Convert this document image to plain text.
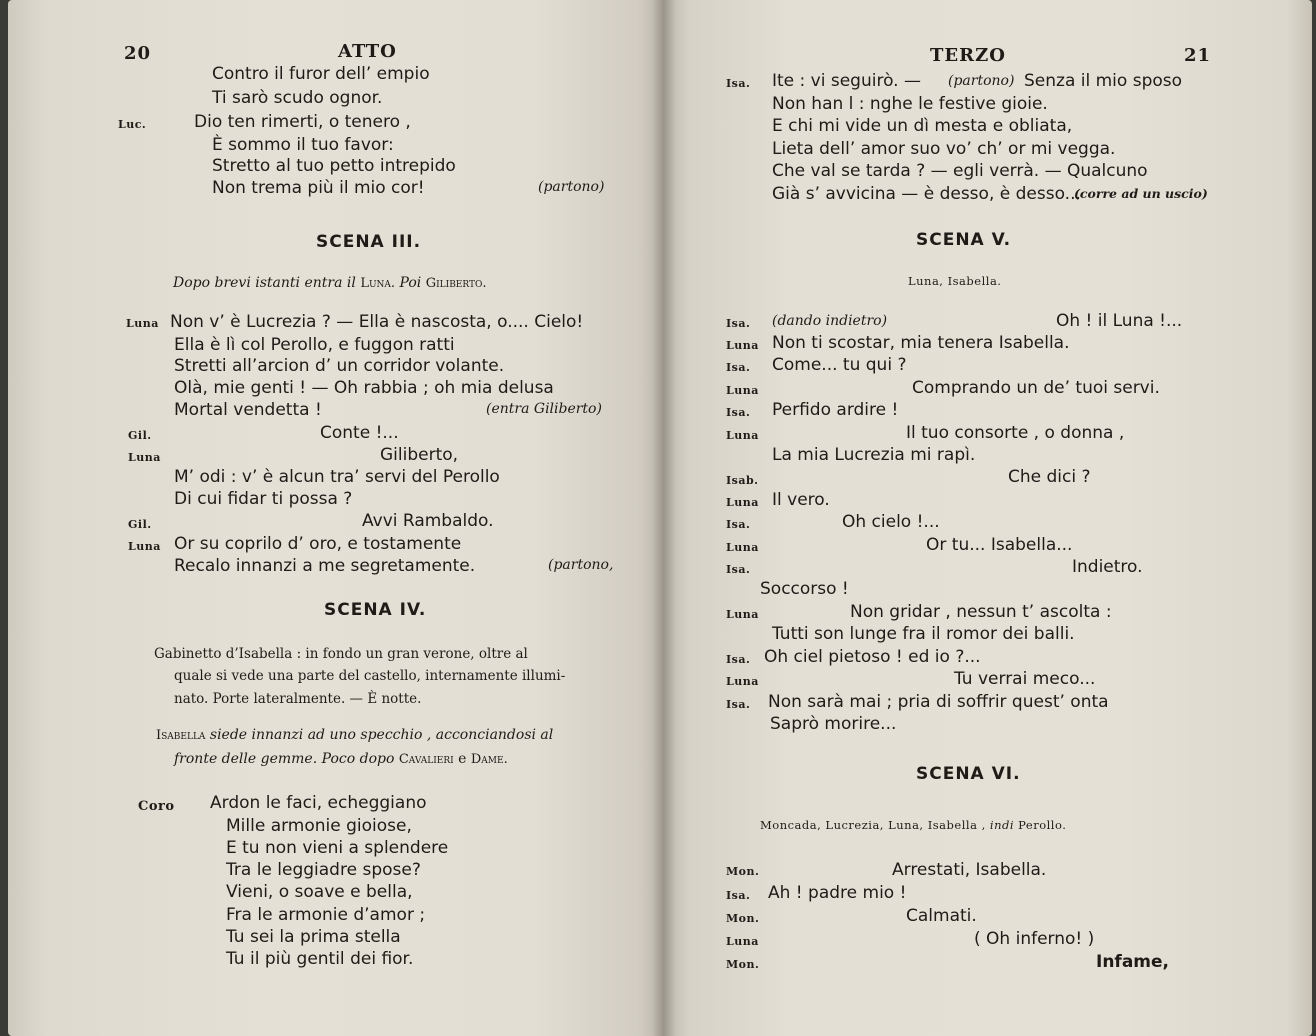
20	ATTO
Contro il furor dell’ empio
Ti sarò scudo ognor.
Luc.	Dio ten rimerti, o tenero ,
È sommo il tuo favor:
Stretto al tuo petto intrepido
Non trema più il mio cor!	(partono)
SCENA III.
Dopo brevi istanti entra il Luna. Poi Giliberto.
Luna Non v’ è Lucrezia ? — Ella è nascosta, o.... Cielo!
Ella è lì col Perollo, e fuggon ratti
Stretti all’arcion d’ un corridor volante.
Olà, mie genti ! — Oh rabbia ; oh mia delusa
Mortal vendetta !	(entra Giliberto)
Gil.	Conte !...
Luna	Giliberto,
M’ odi : v’ è alcun tra’ servi del Perollo
Di cui fidar ti possa ?
Gil.	Avvi Rambaldo.
Luna Or su coprilo d’ oro, e tostamente
Recalo innanzi a me segretamente.	(partono,
SCENA IV.
Gabinetto d’Isabella : in fondo un gran verone, oltre al
quale si vede una parte del castello, internamente illumi-
nato. Porte lateralmente. — È notte.
Isabella siede innanzi ad uno specchio , acconciandosi al
fronte delle gemme. Poco dopo Cavalieri e Dame.
Coro Ardon le faci, echeggiano
Mille armonie gioiose,
E tu non vieni a splendere
Tra le leggiadre spose?
Vieni, o soave e bella,
Fra le armonie d’amor ;
Tu sei la prima stella
Tu il più gentil dei fior.
TERZO	21
Isa. Ite : vi seguirò. — (partono) Senza il mio sposo
Non han l : nghe le festive gioie.
E chi mi vide un dì mesta e obliata,
Lieta dell’ amor suo vo’ ch’ or mi vegga.
Che val se tarda ? — egli verrà. — Qualcuno
Già s’ avvicina — è desso, è desso...
(corre ad un uscio)
SCENA V.
Luna, Isabella.
Isa. (dando indietro)	Oh ! il Luna !...
Luna Non ti scostar, mia tenera Isabella.
Isa. Come... tu qui ?
Luna	Comprando un de’ tuoi servi.
Isa. Perfido ardire !
Luna	Il tuo consorte , o donna ,
La mia Lucrezia mi rapì.
Isab.	Che dici ?
Luna Il vero.
Isa.	Oh cielo !...
Luna	Or tu... Isabella...
Isa.	Indietro.
Soccorso !
Luna	Non gridar , nessun t’ ascolta :
Tutti son lunge fra il romor dei balli.
Isa. Oh ciel pietoso ! ed io ?...
Luna	Tu verrai meco...
Isa. Non sarà mai ; pria di soffrir quest’ onta
Saprò morire...
SCENA VI.
Moncada, Lucrezia, Luna, Isabella , indi Perollo.
Mon.	Arrestati, Isabella.
Isa. Ah ! padre mio !
Mon.	Calmati.
Luna	( Oh inferno! )
Mon.	Infame,
